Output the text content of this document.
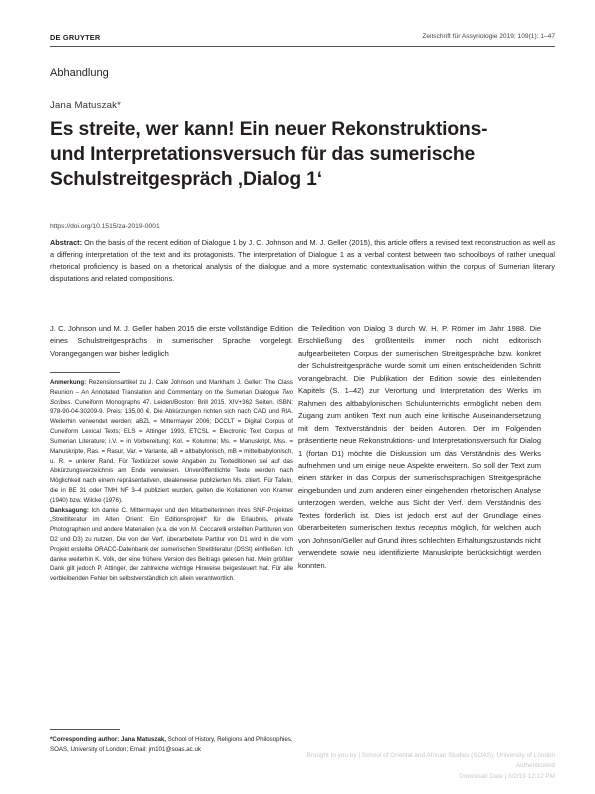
DE GRUYTER	Zeitschrift für Assyriologie 2019; 109(1): 1–47
Abhandlung
Jana Matuszak*
Es streite, wer kann! Ein neuer Rekonstruktions-
und Interpretationsversuch für das sumerische
Schulstreitgespräch ‚Dialog 1‘
https://doi.org/10.1515/za-2019-0001

Abstract: On the basis of the recent edition of Dialogue 1 by J. C. Johnson and M. J. Geller (2015), this article offers a revised text reconstruction as well as a differing interpretation of the text and its protagonists. The interpretation of Dialogue 1 as a verbal contest between two schoolboys of rather unequal rhetorical proficiency is based on a rhetorical analysis of the dialogue and a more systematic contextualisation within the corpus of Sumerian literary disputations and related compositions.

J. C. Johnson und M. J. Geller haben 2015 die erste vollständige Edition eines Schulstreitgesprächs in sumerischer Sprache vorgelegt. Vorangegangen war bisher lediglich

Anmerkung: Rezensionsartikel zu J. Cale Johnson und Markham J. Geller: The Class Reunion – An Annotated Translation and Commentary on the Sumerian Dialogue Two Scribes. Cuneiform Monographs 47. Leiden/Boston: Brill 2015. XIV+362 Seiten. ISBN: 978-90-04-30209-9. Preis: 135,00 €. Die Abkürzungen richten sich nach CAD und RlA. Weiterhin verwendet werden: aBZL = Mittermayer 2006; DCCLT = Digital Corpus of Cuneiform Lexical Texts; ELS = Attinger 1993, ETCSL = Electronic Text Corpus of Sumerian Literature; i.V. = in Vorbereitung; Kol. = Kolumne; Ms. = Manuskript, Mss. = Manuskripte, Ras. = Rasur, Var. = Variante, aB = altbabylonisch, mB = mittelbabylonisch, u. R. = unterer Rand. Für Textkürzel sowie Angaben zu Texteditionen sei auf das Abkürzungsverzeichnis am Ende verwiesen. Unveröffentlichte Texte werden nach Möglichkeit nach einem repräsentativen, idealerweise publizierten Ms. zitiert. Für Tafeln, die in BE 31 oder TMH NF 3–4 publiziert wurden, gelten die Kollationen von Kramer (1940) bzw. Wilcke (1976).

Danksagung: Ich danke C. Mittermayer und den Mitarbeiterinnen ihres SNF-Projektes „Streitliteratur im Alten Orient: Ein Editionsprojekt“ für die Erlaubnis, private Photographien und andere Materialien (v.a. die von M. Ceccarelli erstellten Partituren von D2 und D3) zu nutzen. Die von der Verf. überarbeitete Partitur von D1 wird in die vom Projekt erstellte ORACC-Datenbank der sumerischen Streitliteratur (DSSt) einfließen. Ich danke weiterhin K. Volk, der eine frühere Version des Beitrags gelesen hat. Mein größter Dank gilt jedoch P. Attinger, der zahlreiche wichtige Hinweise beigesteuert hat. Für alle verbleibenden Fehler bin selbstverständlich ich allein verantwortlich.

*Corresponding author: Jana Matuszak, School of History, Religions and Philosophies, SOAS, University of London; Email: jm101@soas.ac.uk

die Teiledition von Dialog 3 durch W. H. P. Römer im Jahr 1988. Die Erschließung des größtenteils immer noch nicht editorisch aufgearbeiteten Corpus der sumerischen Streitgespräche bzw. konkret der Schulstreitgespräche wurde somit um einen entscheidenden Schritt vorangebracht. Die Publikation der Edition sowie des einleitenden Kapitels (S. 1–42) zur Verortung und Interpretation des Werks im Rahmen des altbabylonischen Schulunterrichts ermöglicht neben dem Zugang zum antiken Text nun auch eine kritische Auseinandersetzung mit dem Textverständnis der beiden Autoren. Der im Folgenden präsentierte neue Rekonstruktions- und Interpretationsversuch für Dialog 1 (fortan D1) möchte die Diskussion um das Verständnis des Werks aufnehmen und um einige neue Aspekte erweitern. So soll der Text zum einen stärker in das Corpus der sumerischsprachigen Streitgespräche eingebunden und zum anderen einer eingehenden rhetorischen Analyse unterzogen werden, welche aus Sicht der Verf. dem Verständnis des Textes förderlich ist. Dies ist jedoch erst auf der Grundlage eines überarbeiteten sumerischen textus receptus möglich, für welchen auch von Johnson/Geller auf Grund ihres schlechten Erhaltungszustands nicht verwendete sowie neu identifizierte Manuskripte berücksichtigt werden konnten.

Brought to you by | School of Oriental and African Studies (SOAS), University of London
Authenticated
Download Date | 8/2/19 12:12 PM
